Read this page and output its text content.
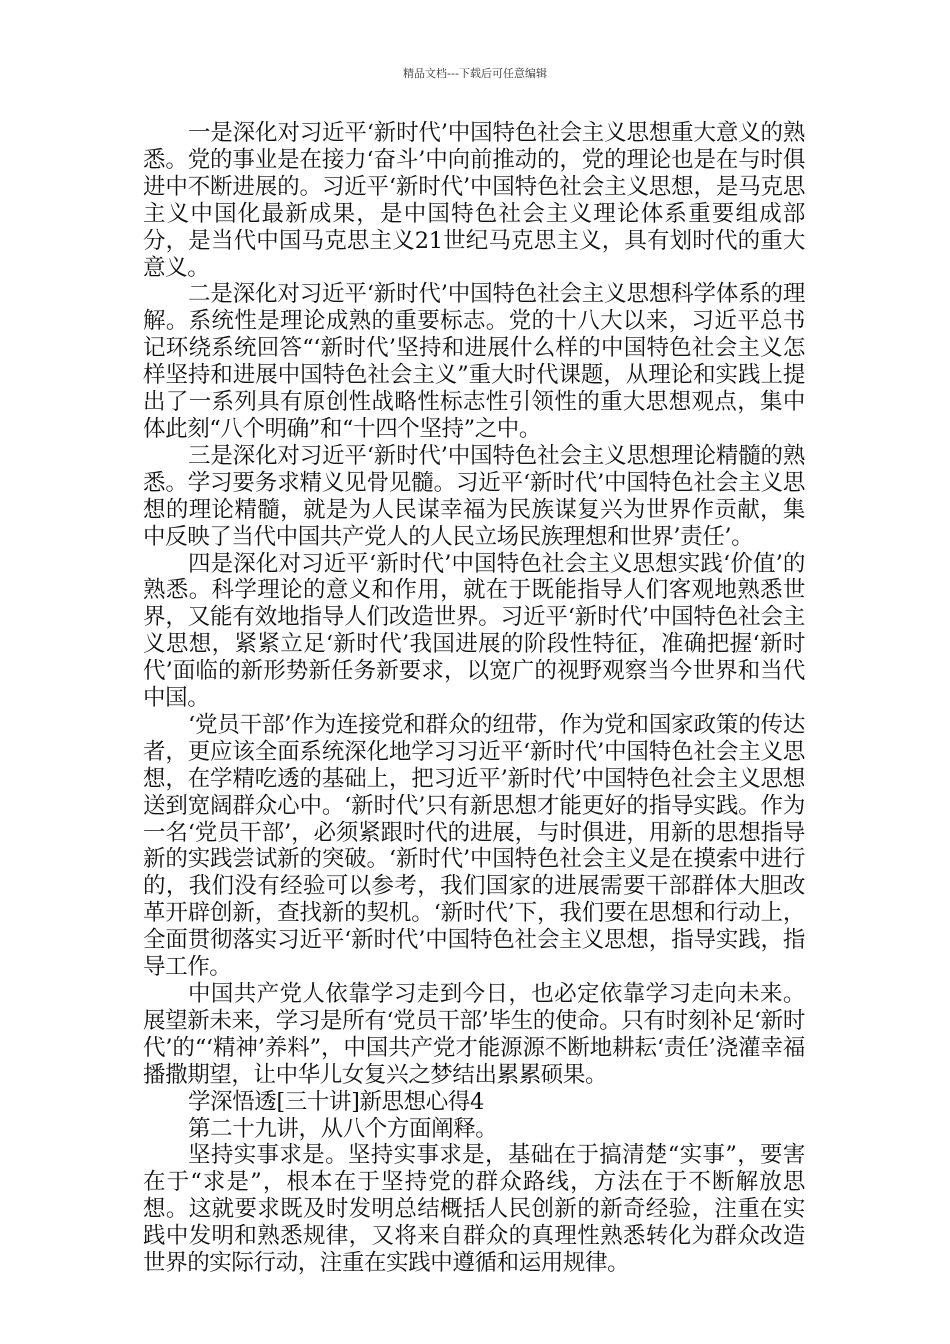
精品文档---下载后可任意编辑

一是深化对习近平‘新时代’中国特色社会主义思想重大意义的熟悉。党的事业是在接力‘奋斗’中向前推动的，党的理论也是在与时俱进中不断进展的。习近平‘新时代’中国特色社会主义思想，是马克思主义中国化最新成果，是中国特色社会主义理论体系重要组成部分，是当代中国马克思主义21世纪马克思主义，具有划时代的重大意义。

二是深化对习近平‘新时代’中国特色社会主义思想科学体系的理解。系统性是理论成熟的重要标志。党的十八大以来，习近平总书记环绕系统回答“‘新时代’坚持和进展什么样的中国特色社会主义怎样坚持和进展中国特色社会主义”重大时代课题，从理论和实践上提出了一系列具有原创性战略性标志性引领性的重大思想观点，集中体此刻“八个明确”和“十四个坚持”之中。

三是深化对习近平‘新时代’中国特色社会主义思想理论精髓的熟悉。学习要务求精义见骨见髓。习近平‘新时代’中国特色社会主义思想的理论精髓，就是为人民谋幸福为民族谋复兴为世界作贡献，集中反映了当代中国共产党人的人民立场民族理想和世界’责任’。

四是深化对习近平‘新时代’中国特色社会主义思想实践‘价值’的熟悉。科学理论的意义和作用，就在于既能指导人们客观地熟悉世界，又能有效地指导人们改造世界。习近平‘新时代’中国特色社会主义思想，紧紧立足‘新时代’我国进展的阶段性特征，准确把握‘新时代’面临的新形势新任务新要求，以宽广的视野观察当今世界和当代中国。

‘党员干部’作为连接党和群众的纽带，作为党和国家政策的传达者，更应该全面系统深化地学习习近平‘新时代’中国特色社会主义思想，在学精吃透的基础上，把习近平’新时代’中国特色社会主义思想送到宽阔群众心中。‘新时代’只有新思想才能更好的指导实践。作为一名‘党员干部’，必须紧跟时代的进展，与时俱进，用新的思想指导新的实践尝试新的突破。‘新时代’中国特色社会主义是在摸索中进行的，我们没有经验可以参考，我们国家的进展需要干部群体大胆改革开辟创新，查找新的契机。‘新时代’下，我们要在思想和行动上，全面贯彻落实习近平‘新时代’中国特色社会主义思想，指导实践，指导工作。

中国共产党人依靠学习走到今日，也必定依靠学习走向未来。展望新未来，学习是所有‘党员干部’毕生的使命。只有时刻补足‘新时代’的“‘精神’养料”，中国共产党才能源源不断地耕耘‘责任’浇灌幸福播撒期望，让中华儿女复兴之梦结出累累硕果。

学深悟透[三十讲]新思想心得4

第二十九讲，从八个方面阐释。

坚持实事求是。坚持实事求是，基础在于搞清楚“实事”，要害在于“求是”，根本在于坚持党的群众路线，方法在于不断解放思想。这就要求既及时发明总结概括人民创新的新奇经验，注重在实践中发明和熟悉规律，又将来自群众的真理性熟悉转化为群众改造世界的实际行动，注重在实践中遵循和运用规律。
